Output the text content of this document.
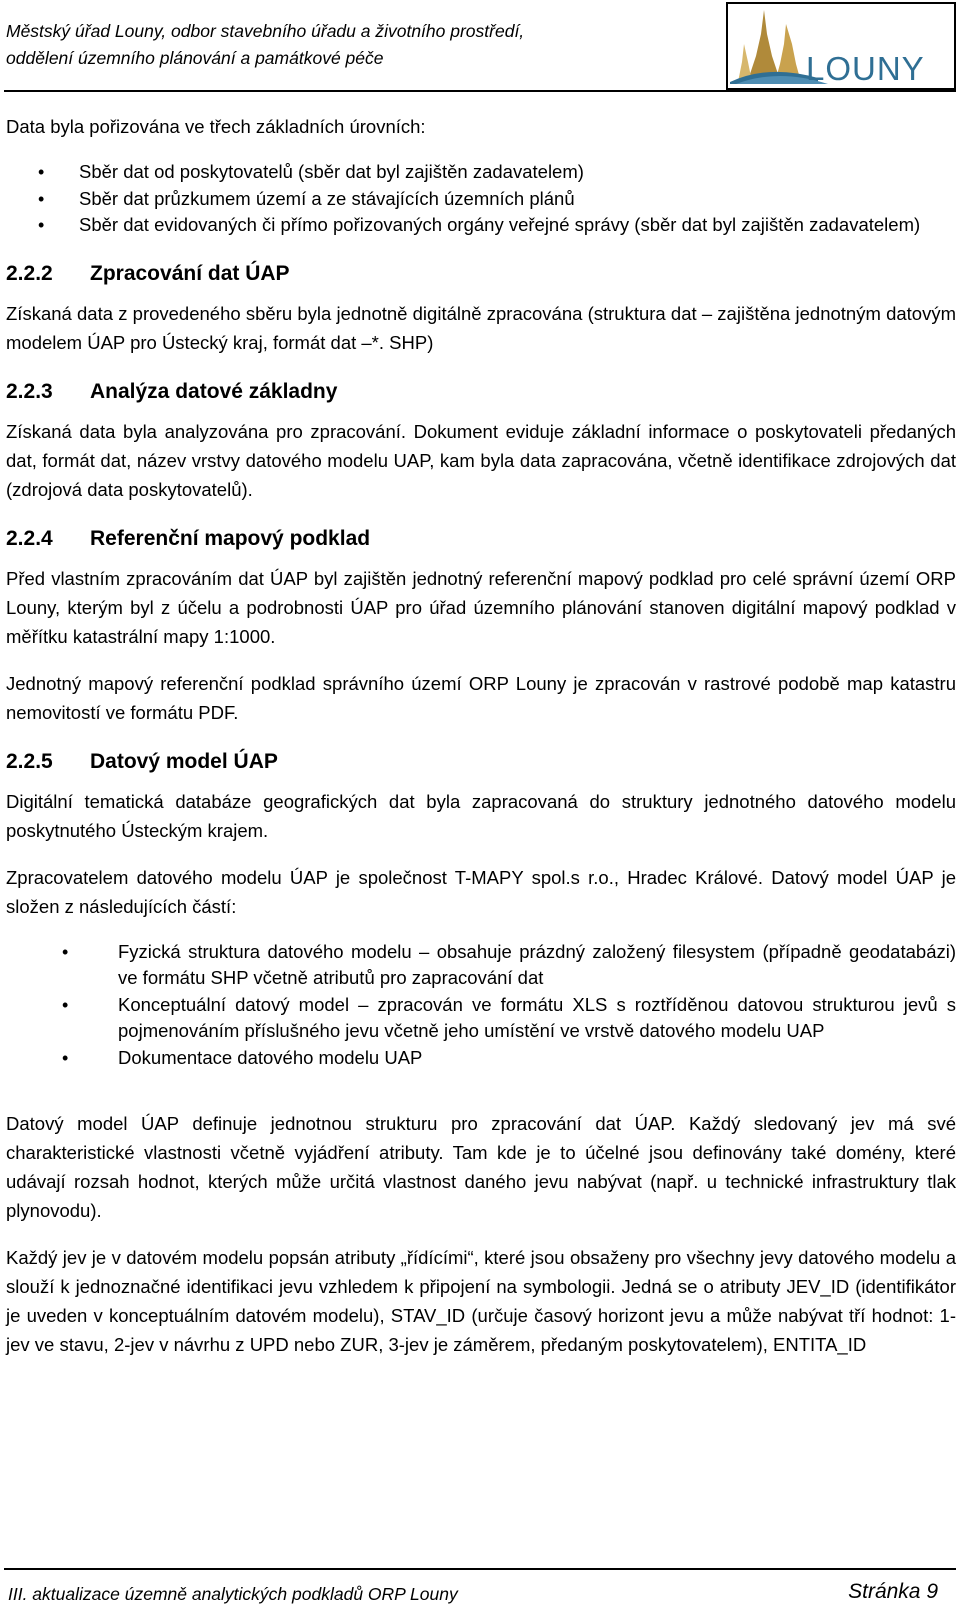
Městský úřad Louny, odbor stavebního úřadu a životního prostředí,
oddělení územního plánování a památkové péče	LOUNY

Data byla pořizována ve třech základních úrovních:

• Sběr dat od poskytovatelů (sběr dat byl zajištěn zadavatelem)
• Sběr dat průzkumem území a ze stávajících územních plánů
• Sběr dat evidovaných či přímo pořizovaných orgány veřejné správy (sběr dat byl zajištěn zadavatelem)
2.2.2 Zpracování dat ÚAP

Získaná data z provedeného sběru byla jednotně digitálně zpracována (struktura dat – zajištěna jednotným datovým modelem ÚAP pro Ústecký kraj, formát dat –*. SHP)

2.2.3 Analýza datové základny

Získaná data byla analyzována pro zpracování. Dokument eviduje základní informace o poskytovateli předaných dat, formát dat, název vrstvy datového modelu UAP, kam byla data zapracována, včetně identifikace zdrojových dat (zdrojová data poskytovatelů).

2.2.4 Referenční mapový podklad

Před vlastním zpracováním dat ÚAP byl zajištěn jednotný referenční mapový podklad pro celé správní území ORP Louny, kterým byl z účelu a podrobnosti ÚAP pro úřad územního plánování stanoven digitální mapový podklad v měřítku katastrální mapy 1:1000.

Jednotný mapový referenční podklad správního území ORP Louny je zpracován v rastrové podobě map katastru nemovitostí ve formátu PDF.

2.2.5 Datový model ÚAP

Digitální tematická databáze geografických dat byla zapracovaná do struktury jednotného datového modelu poskytnutého Ústeckým krajem.

Zpracovatelem datového modelu ÚAP je společnost T-MAPY spol.s r.o., Hradec Králové. Datový model ÚAP je složen z následujících částí:

• Fyzická struktura datového modelu – obsahuje prázdný založený filesystem (případně geodatabázi) ve formátu SHP včetně atributů pro zapracování dat
• Konceptuální datový model – zpracován ve formátu XLS s roztříděnou datovou strukturou jevů s pojmenováním příslušného jevu včetně jeho umístění ve vrstvě datového modelu UAP
• Dokumentace datového modelu UAP

Datový model ÚAP definuje jednotnou strukturu pro zpracování dat ÚAP. Každý sledovaný jev má své charakteristické vlastnosti včetně vyjádření atributy. Tam kde je to účelné jsou definovány také domény, které udávají rozsah hodnot, kterých může určitá vlastnost daného jevu nabývat (např. u technické infrastruktury tlak plynovodu).

Každý jev je v datovém modelu popsán atributy „řídícími“, které jsou obsaženy pro všechny jevy datového modelu a slouží k jednoznačné identifikaci jevu vzhledem k připojení na symbologii. Jedná se o atributy JEV_ID (identifikátor je uveden v konceptuálním datovém modelu), STAV_ID (určuje časový horizont jevu a může nabývat tří hodnot: 1-jev ve stavu, 2-jev v návrhu z UPD nebo ZUR, 3-jev je záměrem, předaným poskytovatelem), ENTITA_ID

III. aktualizace územně analytických podkladů ORP Louny	Stránka 9
